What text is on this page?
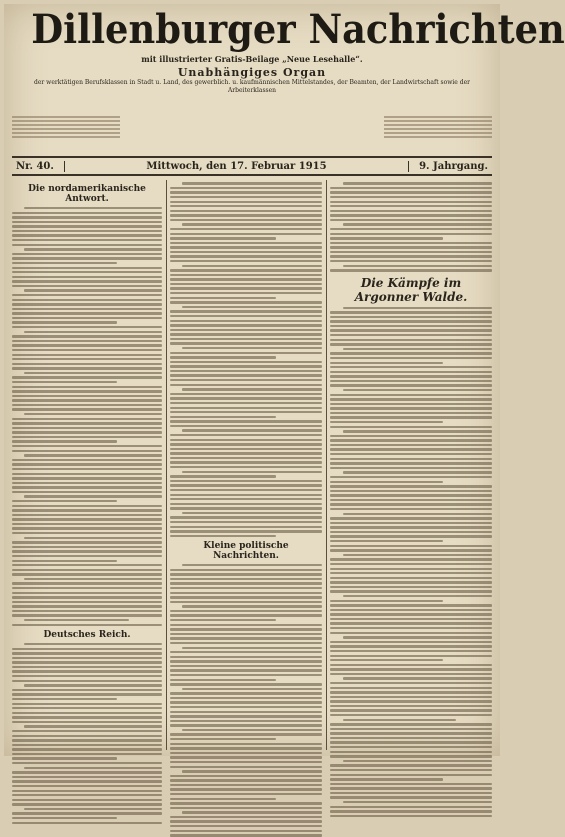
Dillenburger Nachrichten
mit illustrierter Gratis-Beilage „Neue Lesehalle“.
Unabhängiges Organ
der werktätigen Berufsklassen in Stadt u. Land, des gewerblich. u. kaufmännischen Mittelstandes, der Beamten, der Landwirtschaft sowie der Arbeiterklassen
Nr. 40.	Mittwoch, den 17. Februar 1915	9. Jahrgang.
Die nordamerikanische Antwort.
Deutsches Reich.
Kleine politische Nachrichten.
Die Kämpfe im Argonner Walde.
